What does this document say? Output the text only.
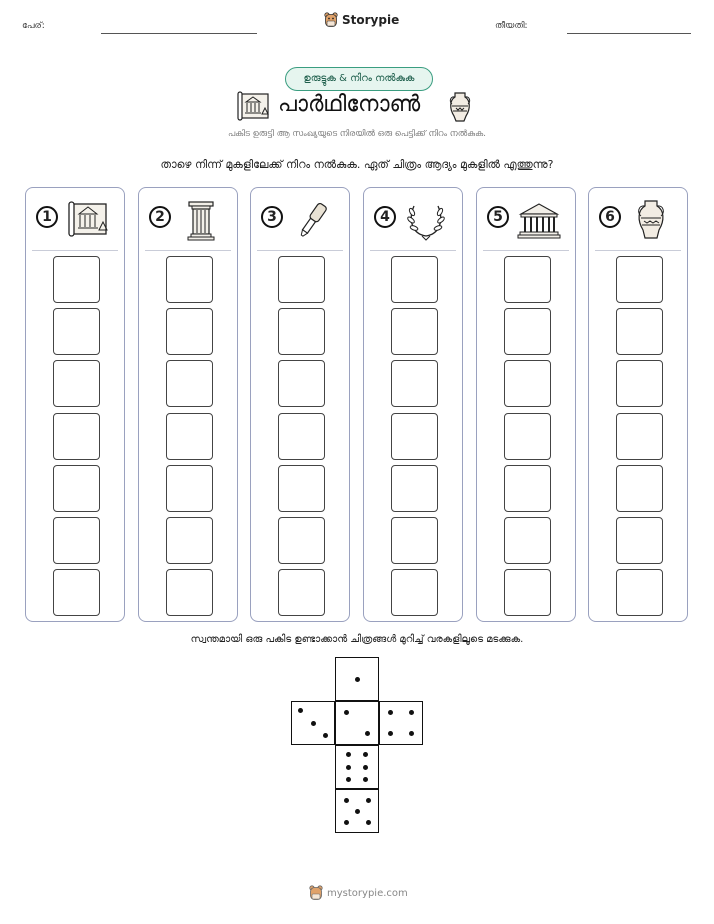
പേര്:	Storypie	തീയതി:
ഉരുട്ടുക & നിറം നൽകുക
പാർഥിനോൺ
പകിട ഉരുട്ടി ആ സംഖ്യയുടെ നിരയിൽ ഒരു പെട്ടിക്ക് നിറം നൽകുക.
താഴെ നിന്ന് മുകളിലേക്ക് നിറം നൽകുക. ഏത് ചിത്രം ആദ്യം മുകളിൽ എത്തുന്നു?
1	2	3	4	5	6
സ്വന്തമായി ഒരു പകിട ഉണ്ടാക്കാൻ ചിത്രങ്ങൾ മുറിച്ച് വരകളിലൂടെ മടക്കുക.
mystorypie.com
